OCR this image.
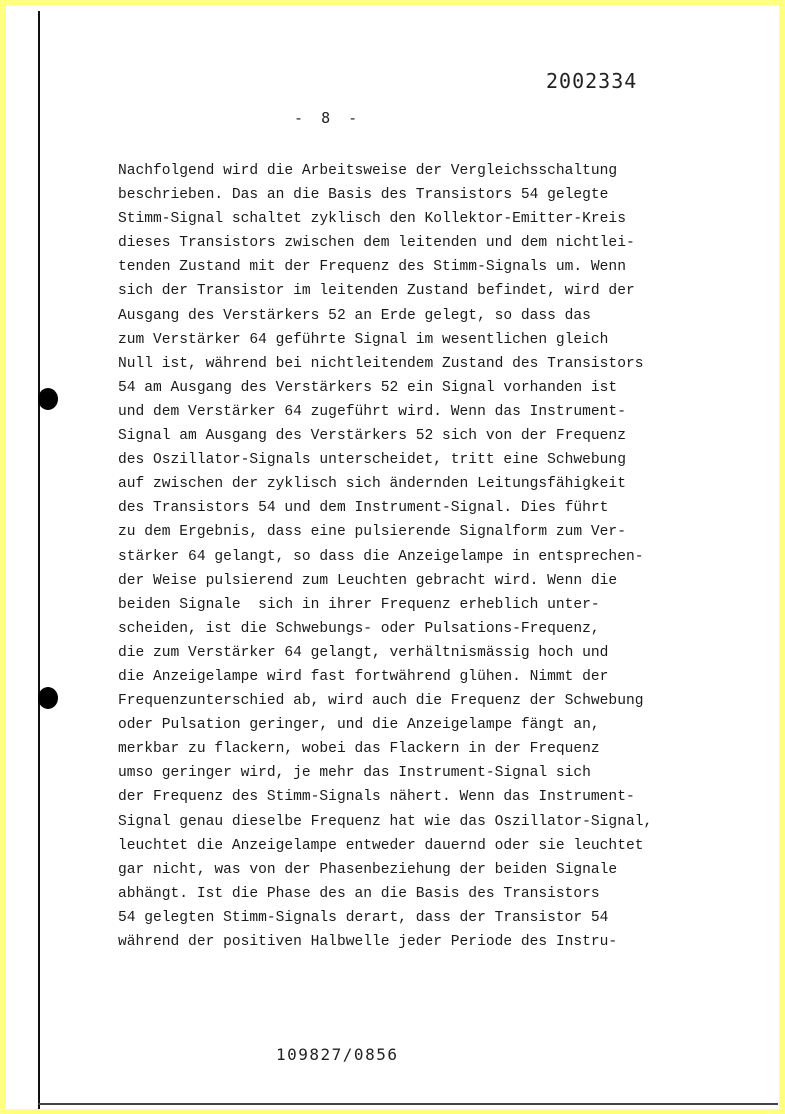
2002334
-  8  -
Nachfolgend wird die Arbeitsweise der Vergleichsschaltung
beschrieben. Das an die Basis des Transistors 54 gelegte
Stimm-Signal schaltet zyklisch den Kollektor-Emitter-Kreis
dieses Transistors zwischen dem leitenden und dem nichtlei-
tenden Zustand mit der Frequenz des Stimm-Signals um. Wenn
sich der Transistor im leitenden Zustand befindet, wird der
Ausgang des Verstärkers 52 an Erde gelegt, so dass das
zum Verstärker 64 geführte Signal im wesentlichen gleich
Null ist, während bei nichtleitendem Zustand des Transistors
54 am Ausgang des Verstärkers 52 ein Signal vorhanden ist
und dem Verstärker 64 zugeführt wird. Wenn das Instrument-
Signal am Ausgang des Verstärkers 52 sich von der Frequenz
des Oszillator-Signals unterscheidet, tritt eine Schwebung
auf zwischen der zyklisch sich ändernden Leitungsfähigkeit
des Transistors 54 und dem Instrument-Signal. Dies führt
zu dem Ergebnis, dass eine pulsierende Signalform zum Ver-
stärker 64 gelangt, so dass die Anzeigelampe in entsprechen-
der Weise pulsierend zum Leuchten gebracht wird. Wenn die
beiden Signale  sich in ihrer Frequenz erheblich unter-
scheiden, ist die Schwebungs- oder Pulsations-Frequenz,
die zum Verstärker 64 gelangt, verhältnismässig hoch und
die Anzeigelampe wird fast fortwährend glühen. Nimmt der
Frequenzunterschied ab, wird auch die Frequenz der Schwebung
oder Pulsation geringer, und die Anzeigelampe fängt an,
merkbar zu flackern, wobei das Flackern in der Frequenz
umso geringer wird, je mehr das Instrument-Signal sich
der Frequenz des Stimm-Signals nähert. Wenn das Instrument-
Signal genau dieselbe Frequenz hat wie das Oszillator-Signal,
leuchtet die Anzeigelampe entweder dauernd oder sie leuchtet
gar nicht, was von der Phasenbeziehung der beiden Signale
abhängt. Ist die Phase des an die Basis des Transistors
54 gelegten Stimm-Signals derart, dass der Transistor 54
während der positiven Halbwelle jeder Periode des Instru-
109827/0856
